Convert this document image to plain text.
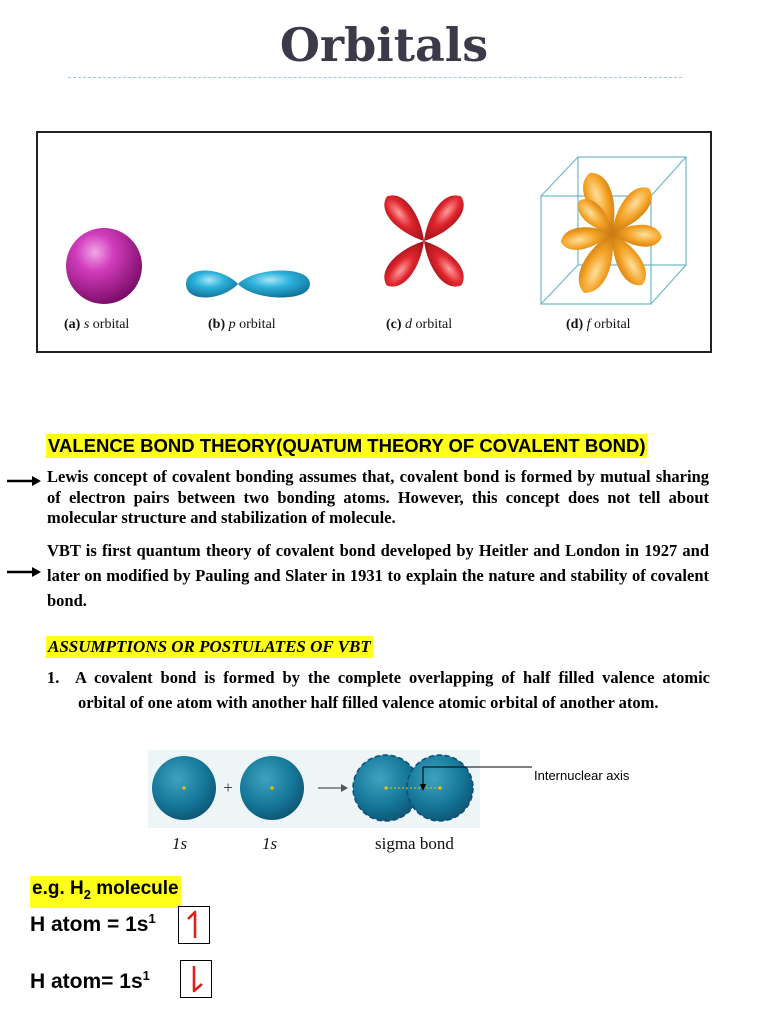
Orbitals
(a) s orbital	(b) p orbital	(c) d orbital	(d) f orbital
VALENCE BOND THEORY(QUATUM THEORY OF COVALENT BOND)
Lewis concept of covalent bonding assumes that, covalent bond is formed by mutual sharing of electron pairs between two bonding atoms. However, this concept does not tell about molecular structure and stabilization of molecule.
VBT is first quantum theory of covalent bond developed by Heitler and London in 1927 and later on modified by Pauling and Slater in 1931 to explain the nature and stability of covalent bond.
ASSUMPTIONS OR POSTULATES OF VBT
1. A covalent bond is formed by the complete overlapping of half filled valence atomic orbital of one atom with another half filled valence atomic orbital of another atom.
+
1s	1s	sigma bond
Internuclear axis
e.g. $H_2$ molecule
H atom = $1s^1$
H atom= $1s^1$
